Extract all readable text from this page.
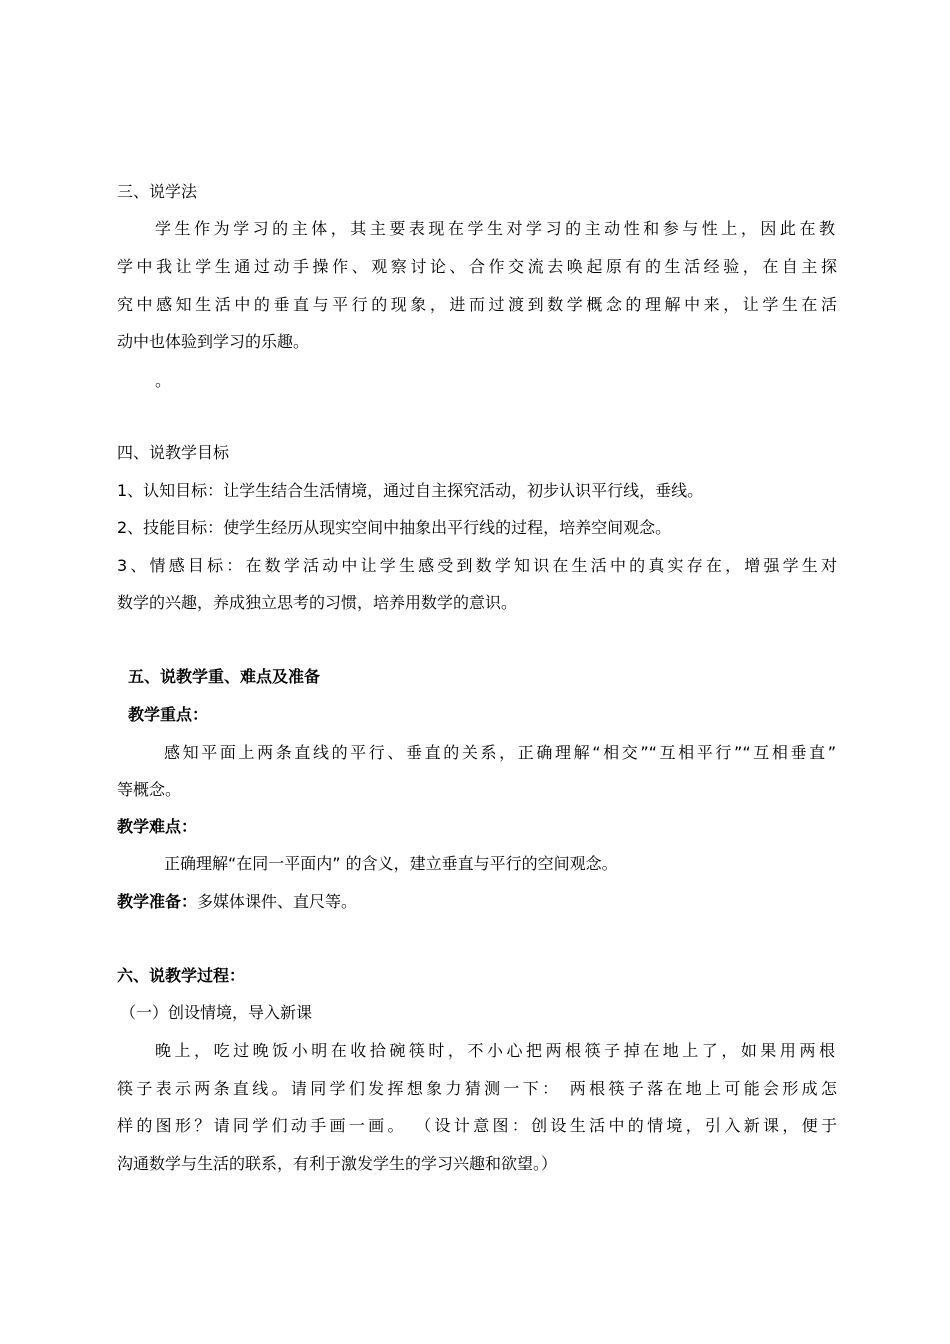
三、说学法
学生作为学习的主体，其主要表现在学生对学习的主动性和参与性上，因此在教
学中我让学生通过动手操作、观察讨论、合作交流去唤起原有的生活经验，在自主探
究中感知生活中的垂直与平行的现象，进而过渡到数学概念的理解中来，让学生在活
动中也体验到学习的乐趣。
。
四、说教学目标
1、认知目标：让学生结合生活情境，通过自主探究活动，初步认识平行线，垂线。
2、技能目标：使学生经历从现实空间中抽象出平行线的过程，培养空间观念。
3、情感目标：在数学活动中让学生感受到数学知识在生活中的真实存在，增强学生对
数学的兴趣，养成独立思考的习惯，培养用数学的意识。
五、说教学重、难点及准备
教学重点：
感知平面上两条直线的平行、垂直的关系，正确理解“相交”“互相平行”“互相垂直”
等概念。
教学难点：
正确理解“在同一平面内” 的含义，建立垂直与平行的空间观念。
教学准备：多媒体课件、直尺等。
六、说教学过程：
（一）创设情境，导入新课
晚上，吃过晚饭小明在收拾碗筷时，不小心把两根筷子掉在地上了，如果用两根
筷子表示两条直线。请同学们发挥想象力猜测一下： 两根筷子落在地上可能会形成怎
样的图形？请同学们动手画一画。 （设计意图：创设生活中的情境，引入新课，便于
沟通数学与生活的联系，有利于激发学生的学习兴趣和欲望。）
